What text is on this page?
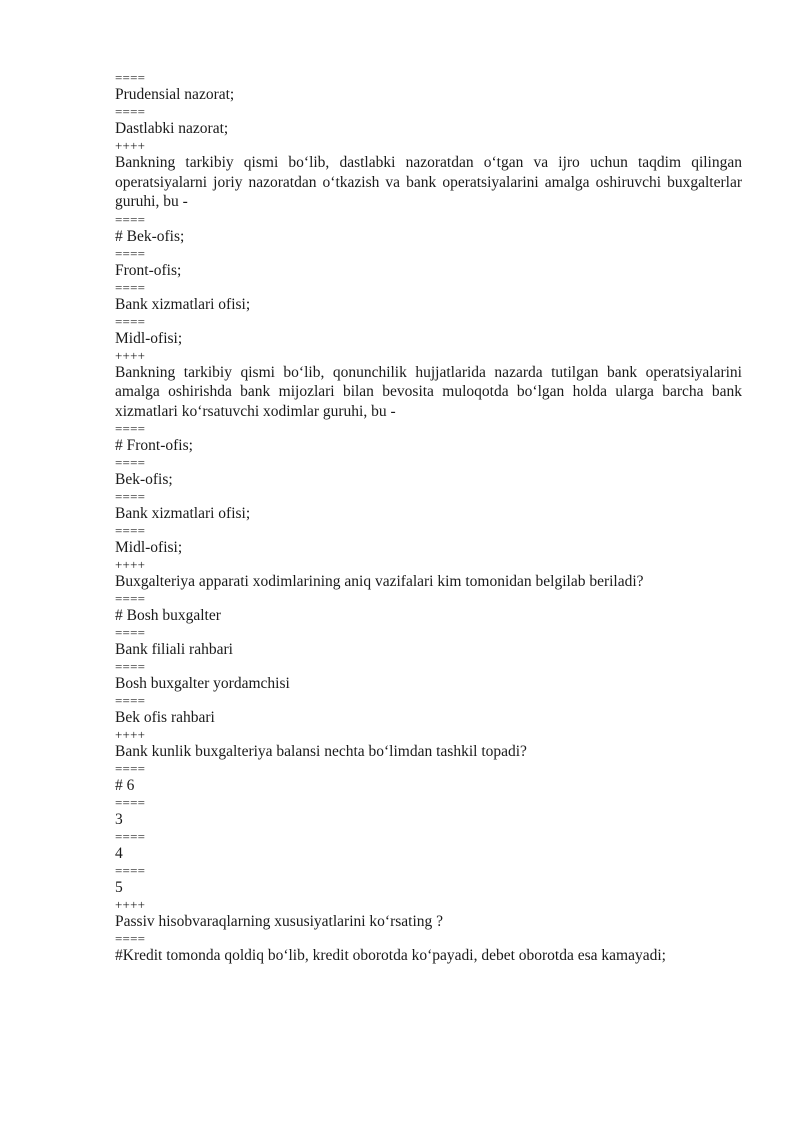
====

Prudensial nazorat;

====

Dastlabki nazorat;

++++

Bankning tarkibiy qismi bo‘lib, dastlabki nazoratdan o‘tgan va ijro uchun taqdim qilingan operatsiyalarni joriy nazoratdan o‘tkazish va bank operatsiyalarini amalga oshiruvchi buxgalterlar guruhi, bu -

====

# Bek-ofis;

====

Front-ofis;

====

Bank xizmatlari ofisi;

====

Midl-ofisi;

++++

Bankning tarkibiy qismi bo‘lib, qonunchilik hujjatlarida nazarda tutilgan bank operatsiyalarini amalga oshirishda bank mijozlari bilan bevosita muloqotda bo‘lgan holda ularga barcha bank xizmatlari ko‘rsatuvchi xodimlar guruhi, bu -

====

# Front-ofis;

====

Bek-ofis;

====

Bank xizmatlari ofisi;

====

Midl-ofisi;

++++

Buxgalteriya apparati xodimlarining aniq vazifalari kim tomonidan belgilab beriladi?

====

# Bosh buxgalter

====

Bank filiali rahbari

====

Bosh buxgalter yordamchisi

====

Bek ofis rahbari

++++

Bank kunlik buxgalteriya balansi nechta bo‘limdan tashkil topadi?

====

# 6

====

3

====

4

====

5

++++

Passiv hisobvaraqlarning xususiyatlarini ko‘rsating ?

====

#Kredit tomonda qoldiq bo‘lib, kredit oborotda ko‘payadi, debet oborotda esa kamayadi;
